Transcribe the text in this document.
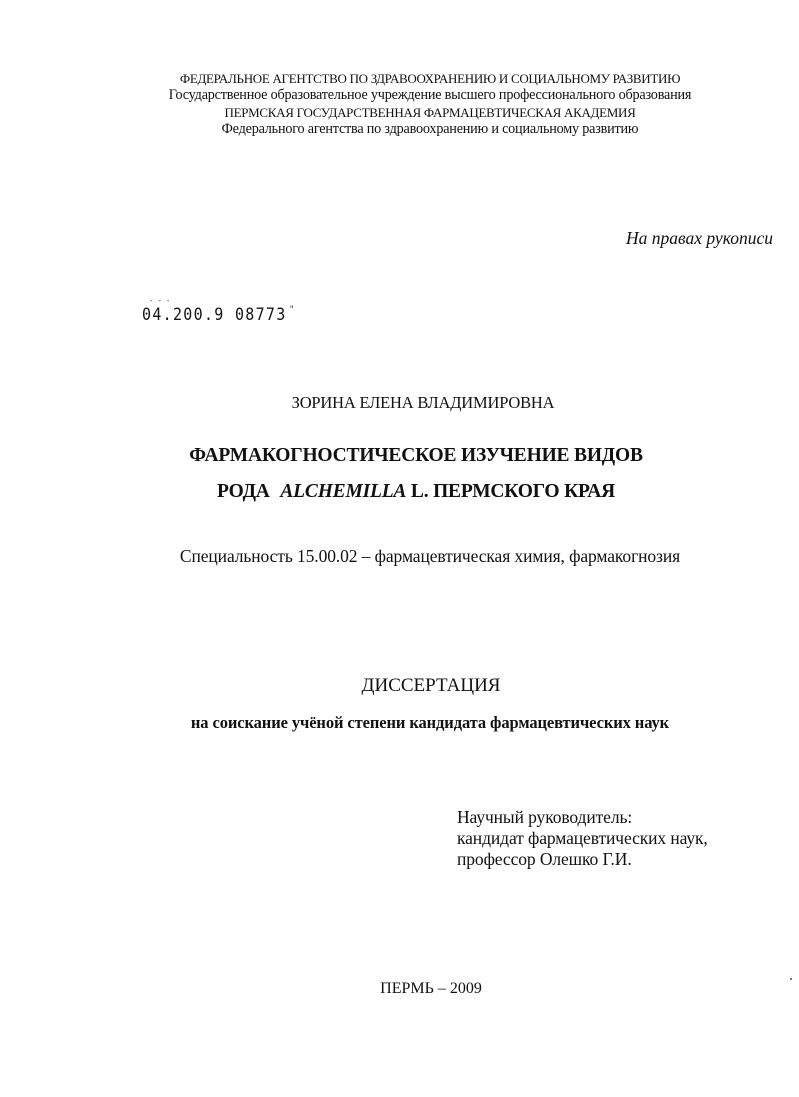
ФЕДЕРАЛЬНОЕ АГЕНТСТВО ПО ЗДРАВООХРАНЕНИЮ И СОЦИАЛЬНОМУ РАЗВИТИЮ
Государственное образовательное учреждение высшего профессионального образования
ПЕРМСКАЯ ГОСУДАРСТВЕННАЯ ФАРМАЦЕВТИЧЕСКАЯ АКАДЕМИЯ
Федерального агентства по здравоохранению и социальному развитию
На правах рукописи
- - -
04.200.9 08773 "
ЗОРИНА ЕЛЕНА ВЛАДИМИРОВНА
ФАРМАКОГНОСТИЧЕСКОЕ ИЗУЧЕНИЕ ВИДОВ
РОДА ALCHEMILLA L. ПЕРМСКОГО КРАЯ
Специальность 15.00.02 – фармацевтическая химия, фармакогнозия
ДИССЕРТАЦИЯ
на соискание учёной степени кандидата фармацевтических наук
Научный руководитель:
кандидат фармацевтических наук,
профессор Олешко Г.И.
ПЕРМЬ – 2009
